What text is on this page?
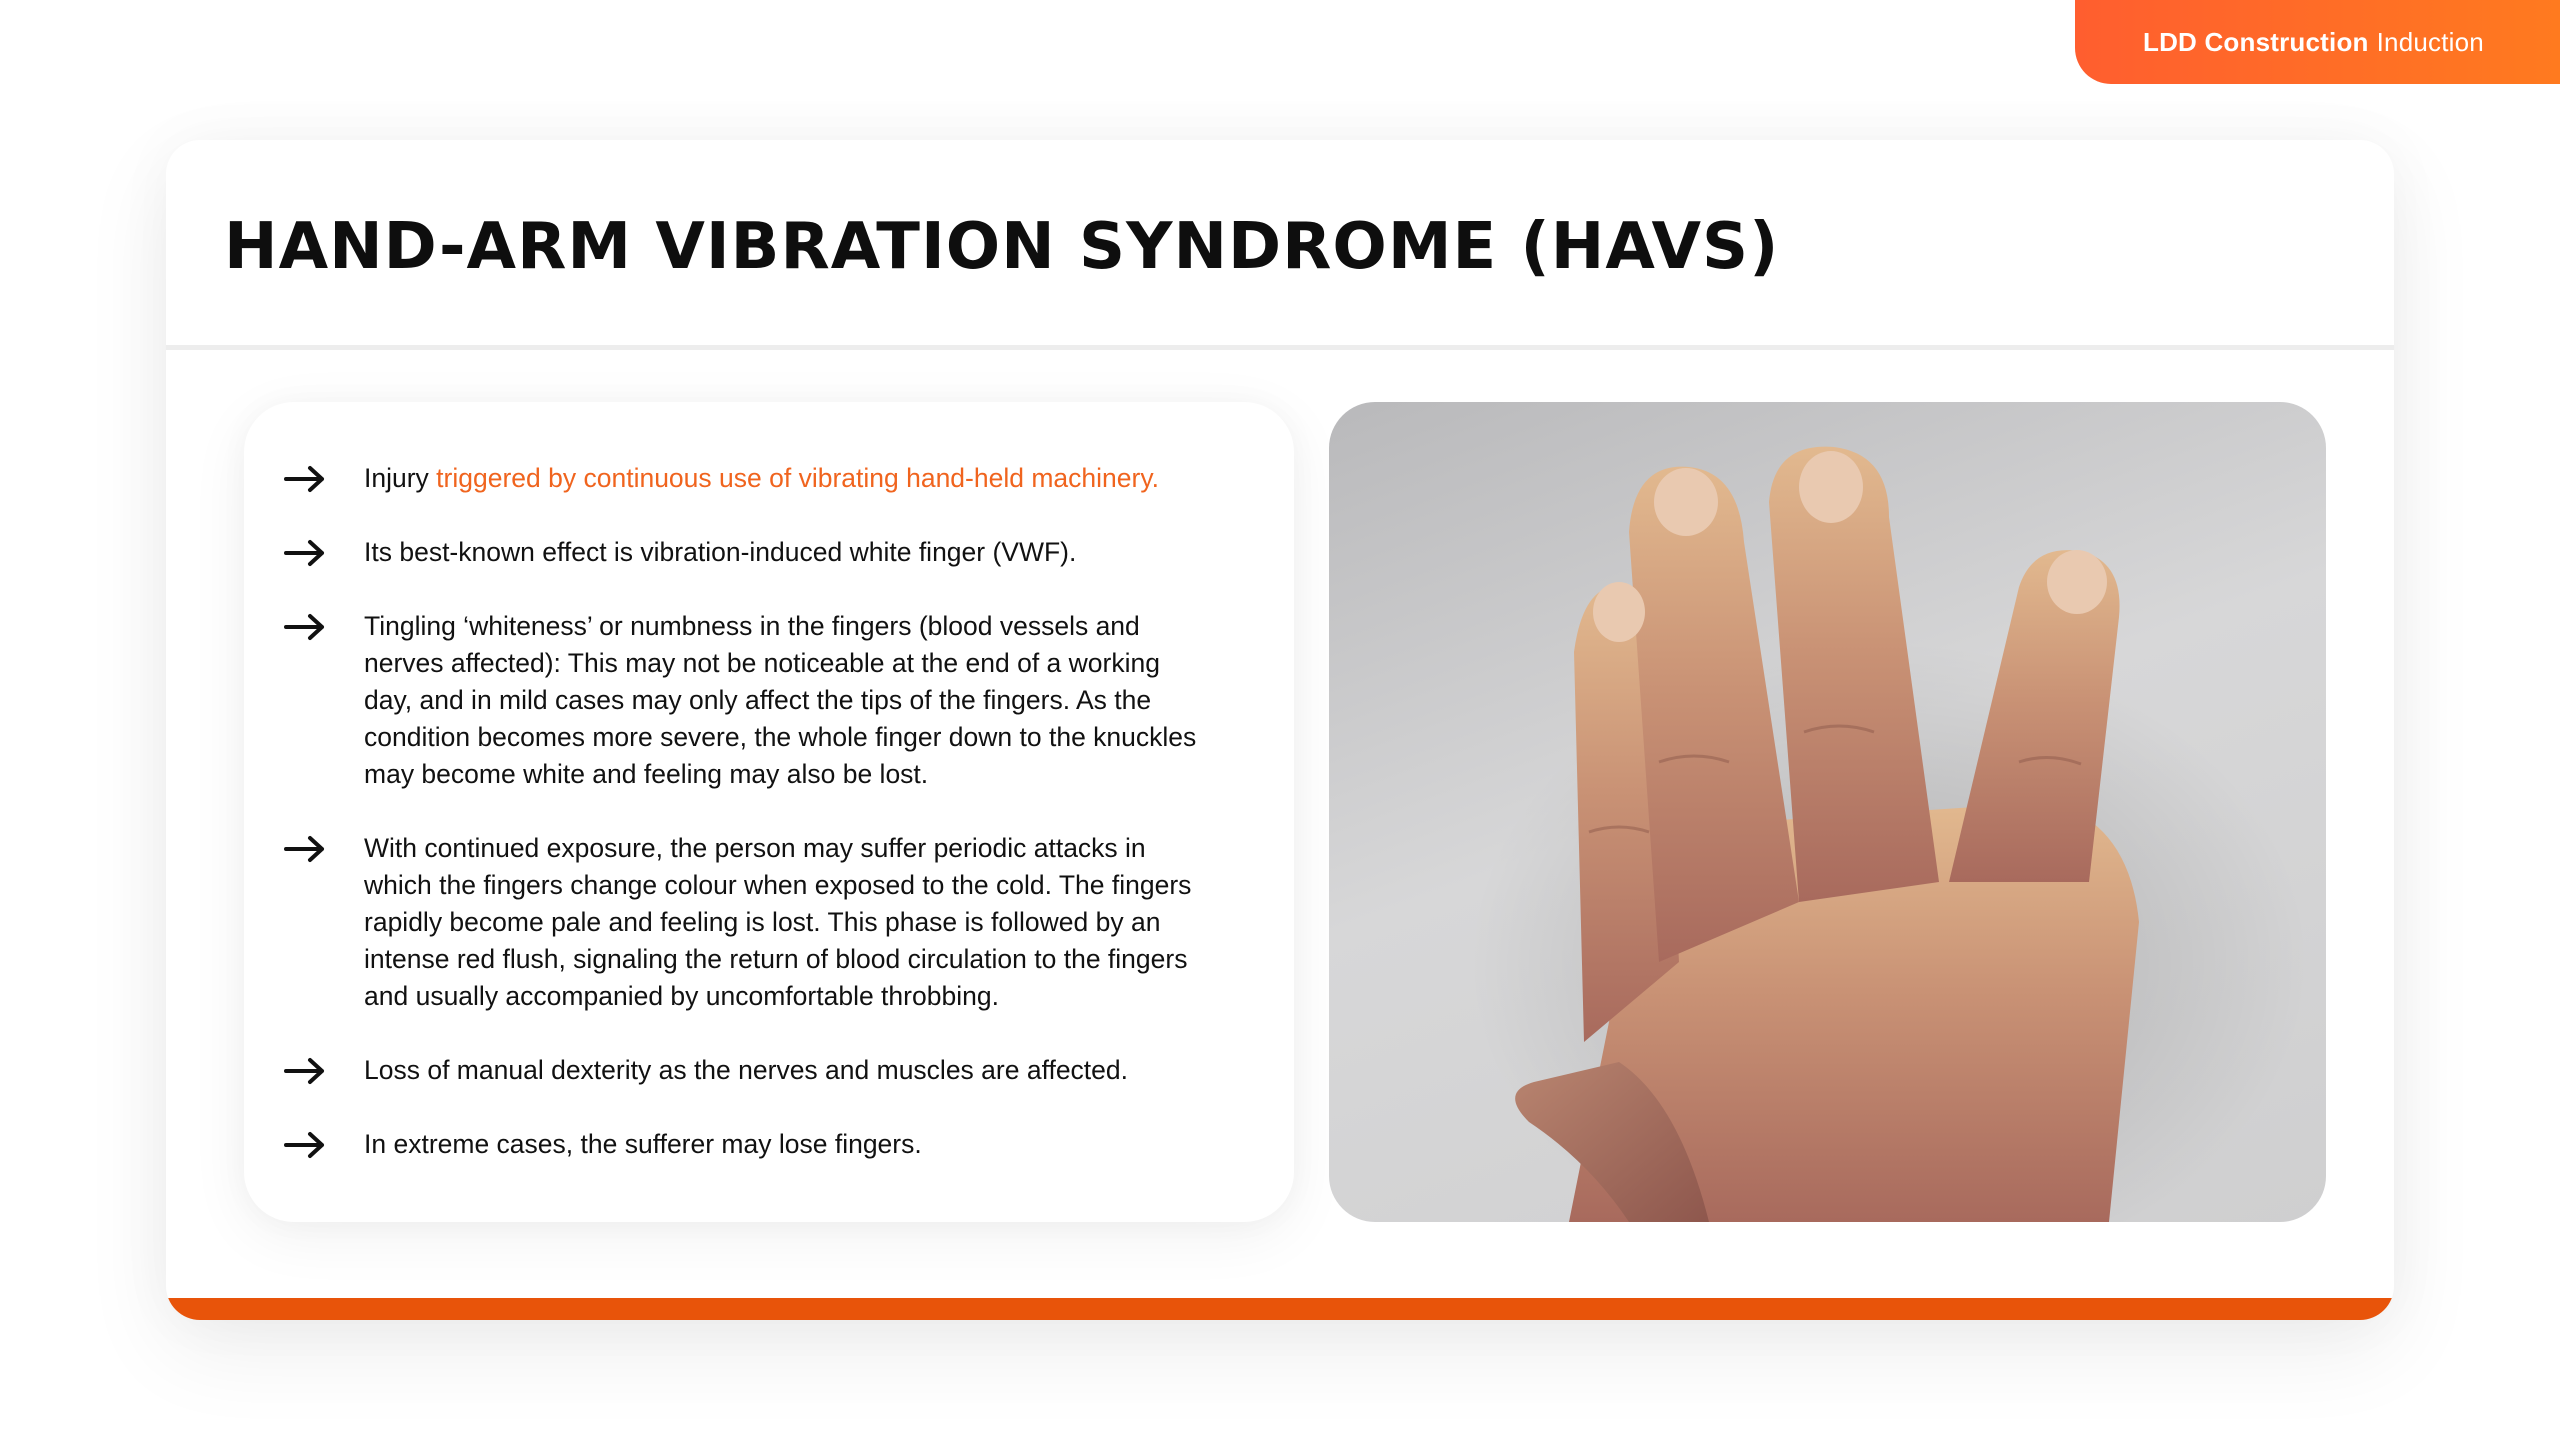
LDD Construction Induction
HAND-ARM VIBRATION SYNDROME (HAVS)
Injury triggered by continuous use of vibrating hand-held machinery.
Its best-known effect is vibration-induced white finger (VWF).
Tingling ‘whiteness’ or numbness in the fingers (blood vessels and nerves affected): This may not be noticeable at the end of a working day, and in mild cases may only affect the tips of the fingers. As the condition becomes more severe, the whole finger down to the knuckles may become white and feeling may also be lost.
With continued exposure, the person may suffer periodic attacks in which the fingers change colour when exposed to the cold. The fingers rapidly become pale and feeling is lost. This phase is followed by an intense red flush, signaling the return of blood circulation to the fingers and usually accompanied by uncomfortable throbbing.
Loss of manual dexterity as the nerves and muscles are affected.
In extreme cases, the sufferer may lose fingers.
